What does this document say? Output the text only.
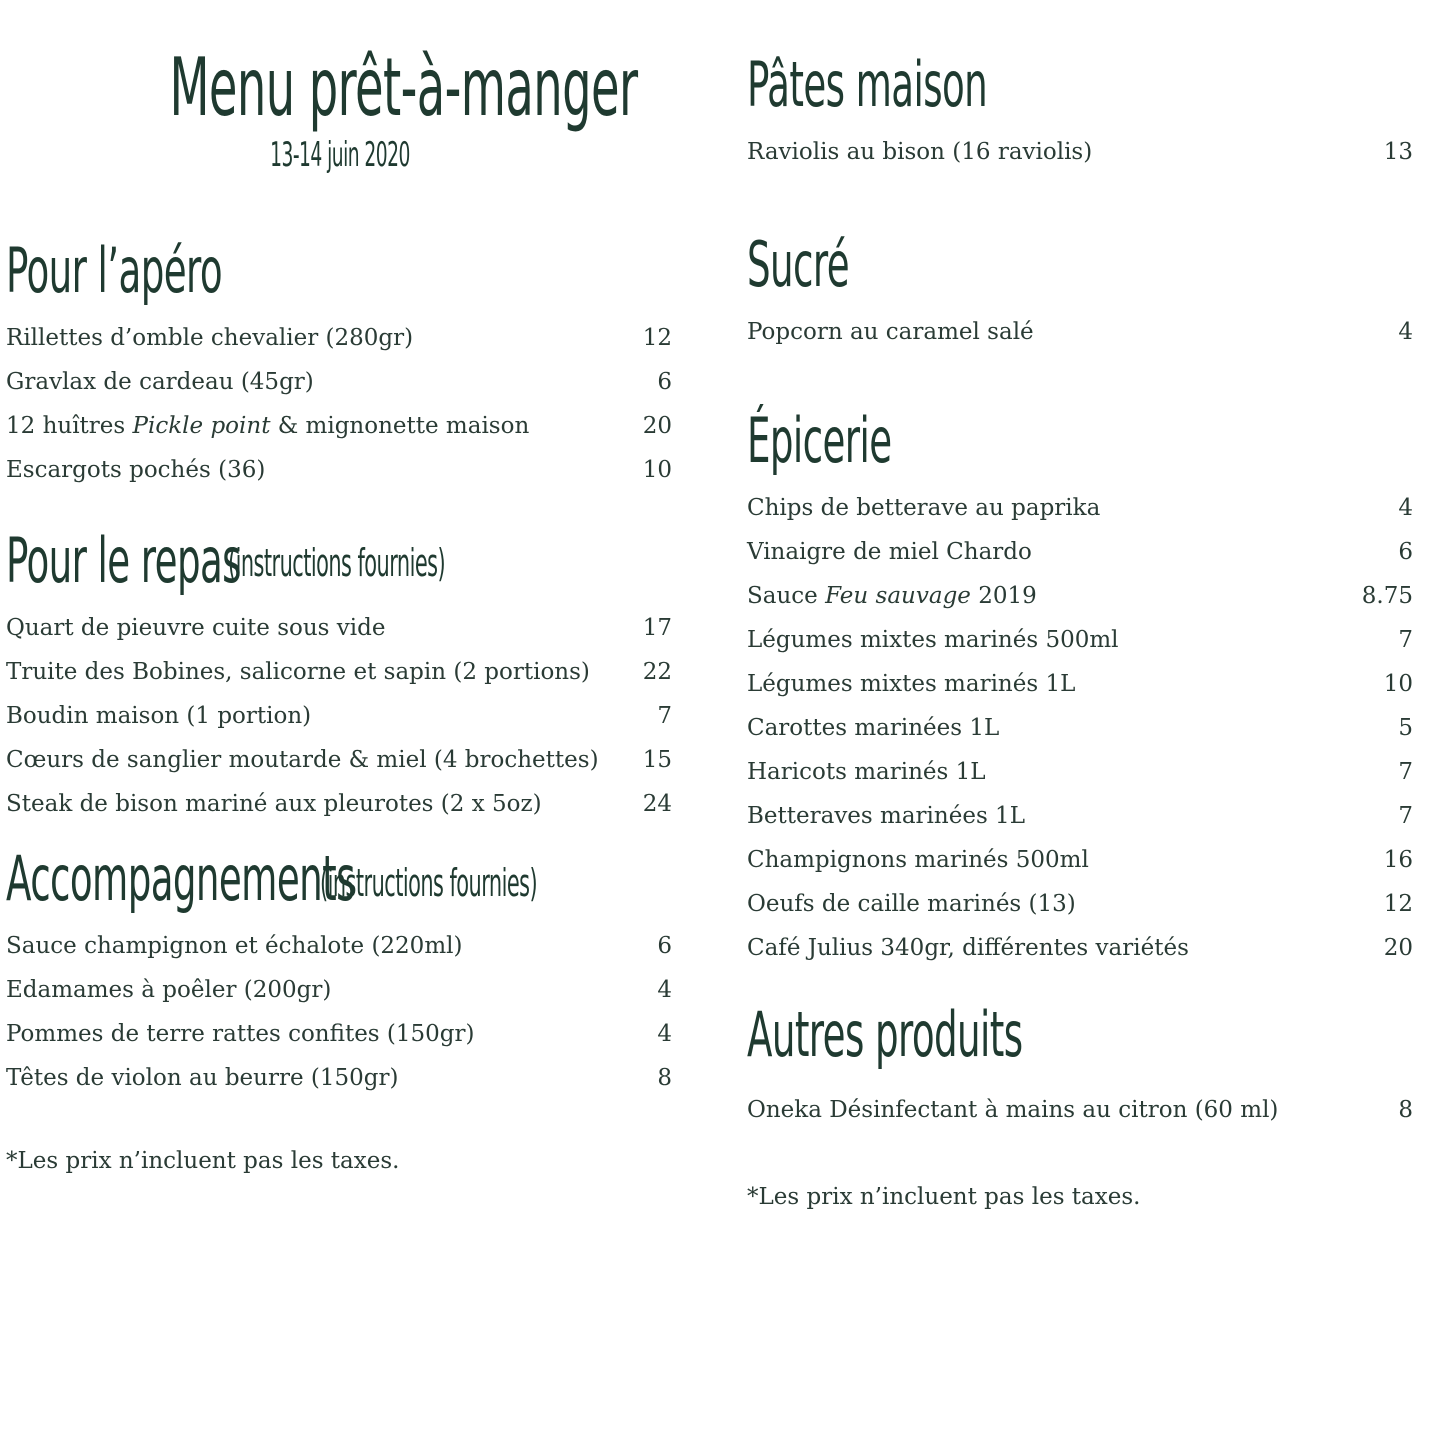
Menu prêt-à-manger
13-14 juin 2020
Pour l’apéro
Rillettes d’omble chevalier (280gr)	12
Gravlax de cardeau (45gr)	6
12 huîtres Pickle point & mignonette maison	20
Escargots pochés (36)	10
Pour le repas
(instructions fournies)
Quart de pieuvre cuite sous vide	17
Truite des Bobines, salicorne et sapin (2 portions) 22
Boudin maison (1 portion)	7
Cœurs de sanglier moutarde & miel (4 brochettes) 15
Steak de bison mariné aux pleurotes (2 x 5oz)	24
Accompagnements
(instructions fournies)
Sauce champignon et échalote (220ml)	6
Edamames à poêler (200gr)	4
Pommes de terre rattes confites (150gr)	4
Têtes de violon au beurre (150gr)	8
*Les prix n’incluent pas les taxes.
Pâtes maison
Raviolis au bison (16 raviolis)	13
Sucré
Popcorn au caramel salé	4
Épicerie
Chips de betterave au paprika	4
Vinaigre de miel Chardo	6
Sauce Feu sauvage 2019	8.75
Légumes mixtes marinés 500ml	7
Légumes mixtes marinés 1L	10
Carottes marinées 1L	5
Haricots marinés 1L	7
Betteraves marinées 1L	7
Champignons marinés 500ml	16
Oeufs de caille marinés (13)	12
Café Julius 340gr, différentes variétés	20
Autres produits
Oneka Désinfectant à mains au citron (60 ml)	8
*Les prix n’incluent pas les taxes.
